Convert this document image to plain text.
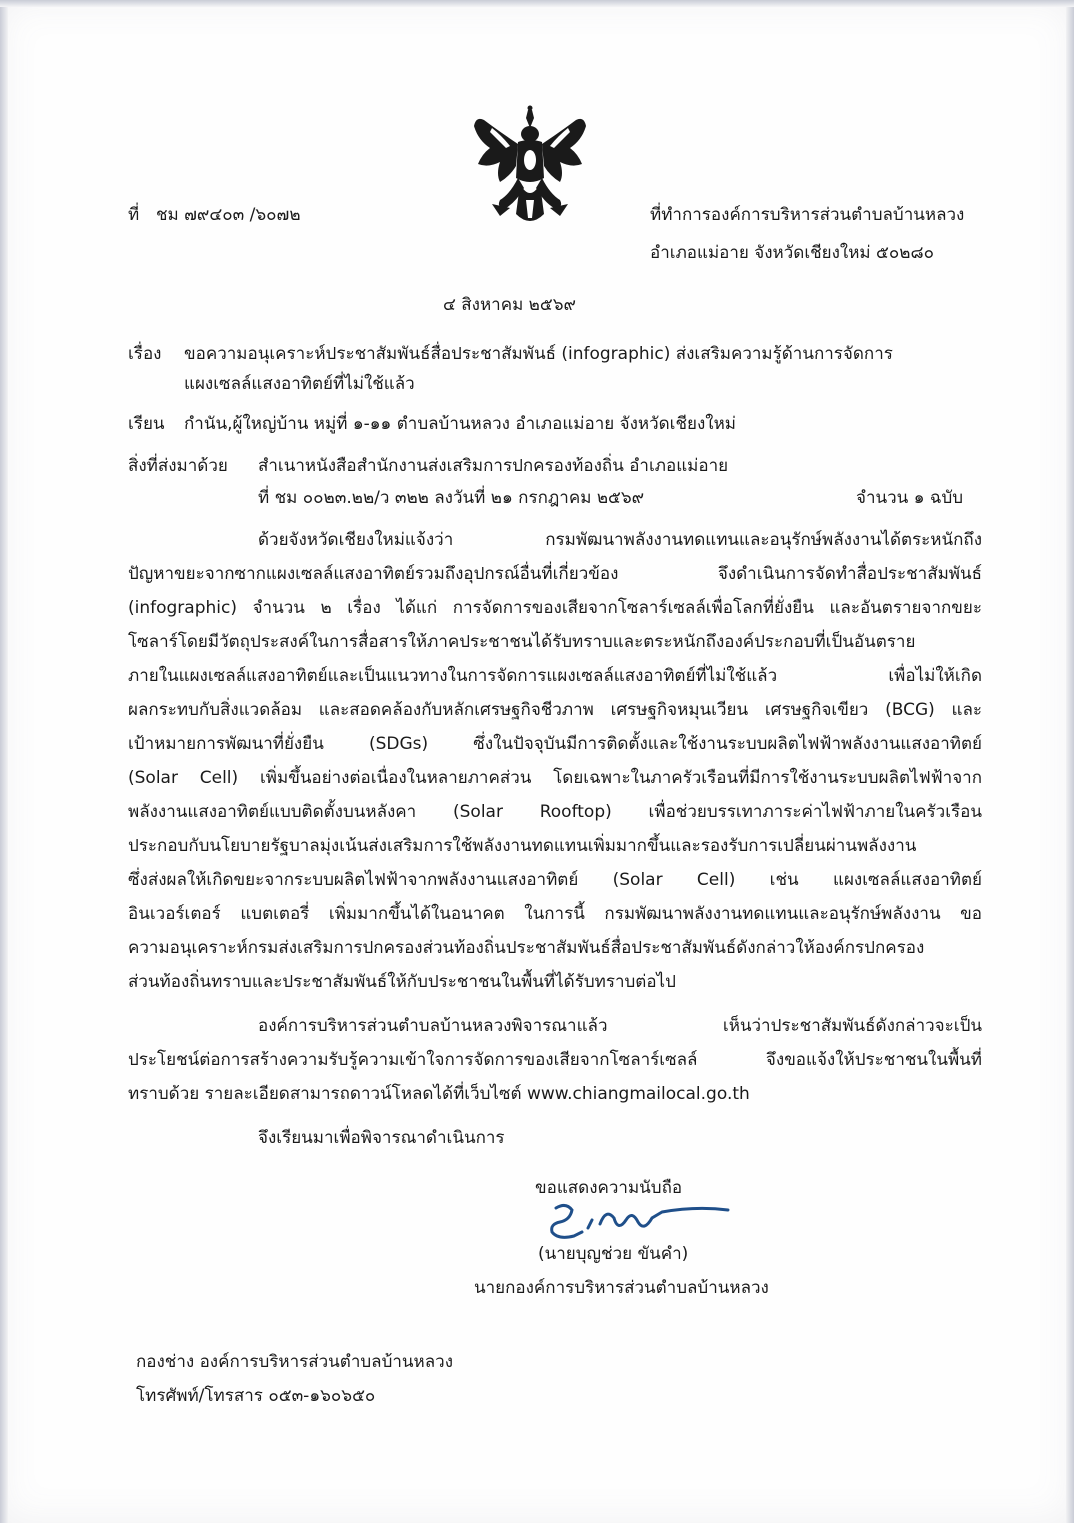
ที่ ชม ๗๙๔๐๓ /๖๐๗๒	ที่ทำการองค์การบริหารส่วนตำบลบ้านหลวง
อำเภอแม่อาย จังหวัดเชียงใหม่ ๕๐๒๘๐
๔ สิงหาคม ๒๕๖๙
เรื่อง ขอความอนุเคราะห์ประชาสัมพันธ์สื่อประชาสัมพันธ์ (infographic) ส่งเสริมความรู้ด้านการจัดการ
แผงเซลล์แสงอาทิตย์ที่ไม่ใช้แล้ว
เรียน กำนัน,ผู้ใหญ่บ้าน หมู่ที่ ๑-๑๑ ตำบลบ้านหลวง อำเภอแม่อาย จังหวัดเชียงใหม่
สิ่งที่ส่งมาด้วย สำเนาหนังสือสำนักงานส่งเสริมการปกครองท้องถิ่น อำเภอแม่อาย
ที่ ชม ๐๐๒๓.๒๒/ว ๓๒๒ ลงวันที่ ๒๑ กรกฎาคม ๒๕๖๙	จำนวน ๑ ฉบับ
ด้วยจังหวัดเชียงใหม่แจ้งว่า กรมพัฒนาพลังงานทดแทนและอนุรักษ์พลังงานได้ตระหนักถึง
ปัญหาขยะจากซากแผงเซลล์แสงอาทิตย์รวมถึงอุปกรณ์อื่นที่เกี่ยวข้อง จึงดำเนินการจัดทำสื่อประชาสัมพันธ์
(infographic) จำนวน ๒ เรื่อง ได้แก่ การจัดการของเสียจากโซลาร์เซลล์เพื่อโลกที่ยั่งยืน และอันตรายจากขยะ
โซลาร์โดยมีวัตถุประสงค์ในการสื่อสารให้ภาคประชาชนได้รับทราบและตระหนักถึงองค์ประกอบที่เป็นอันตราย
ภายในแผงเซลล์แสงอาทิตย์และเป็นแนวทางในการจัดการแผงเซลล์แสงอาทิตย์ที่ไม่ใช้แล้ว เพื่อไม่ให้เกิด
ผลกระทบกับสิ่งแวดล้อม และสอดคล้องกับหลักเศรษฐกิจชีวภาพ เศรษฐกิจหมุนเวียน เศรษฐกิจเขียว (BCG) และ
เป้าหมายการพัฒนาที่ยั่งยืน (SDGs) ซึ่งในปัจจุบันมีการติดตั้งและใช้งานระบบผลิตไฟฟ้าพลังงานแสงอาทิตย์
(Solar Cell) เพิ่มขึ้นอย่างต่อเนื่องในหลายภาคส่วน โดยเฉพาะในภาครัวเรือนที่มีการใช้งานระบบผลิตไฟฟ้าจาก
พลังงานแสงอาทิตย์แบบติดตั้งบนหลังคา (Solar Rooftop) เพื่อช่วยบรรเทาภาระค่าไฟฟ้าภายในครัวเรือน
ประกอบกับนโยบายรัฐบาลมุ่งเน้นส่งเสริมการใช้พลังงานทดแทนเพิ่มมากขึ้นและรองรับการเปลี่ยนผ่านพลังงาน
ซึ่งส่งผลให้เกิดขยะจากระบบผลิตไฟฟ้าจากพลังงานแสงอาทิตย์ (Solar Cell) เช่น แผงเซลล์แสงอาทิตย์
อินเวอร์เตอร์ แบตเตอรี่ เพิ่มมากขึ้นได้ในอนาคต ในการนี้ กรมพัฒนาพลังงานทดแทนและอนุรักษ์พลังงาน ขอ
ความอนุเคราะห์กรมส่งเสริมการปกครองส่วนท้องถิ่นประชาสัมพันธ์สื่อประชาสัมพันธ์ดังกล่าวให้องค์กรปกครอง
ส่วนท้องถิ่นทราบและประชาสัมพันธ์ให้กับประชาชนในพื้นที่ได้รับทราบต่อไป
องค์การบริหารส่วนตำบลบ้านหลวงพิจารณาแล้ว เห็นว่าประชาสัมพันธ์ดังกล่าวจะเป็น
ประโยชน์ต่อการสร้างความรับรู้ความเข้าใจการจัดการของเสียจากโซลาร์เซลล์ จึงขอแจ้งให้ประชาชนในพื้นที่
ทราบด้วย รายละเอียดสามารถดาวน์โหลดได้ที่เว็บไซต์ www.chiangmailocal.go.th
จึงเรียนมาเพื่อพิจารณาดำเนินการ
ขอแสดงความนับถือ
(นายบุญช่วย ขันคำ)
นายกองค์การบริหารส่วนตำบลบ้านหลวง
กองช่าง องค์การบริหารส่วนตำบลบ้านหลวง
โทรศัพท์/โทรสาร ๐๕๓-๑๖๐๖๕๐
